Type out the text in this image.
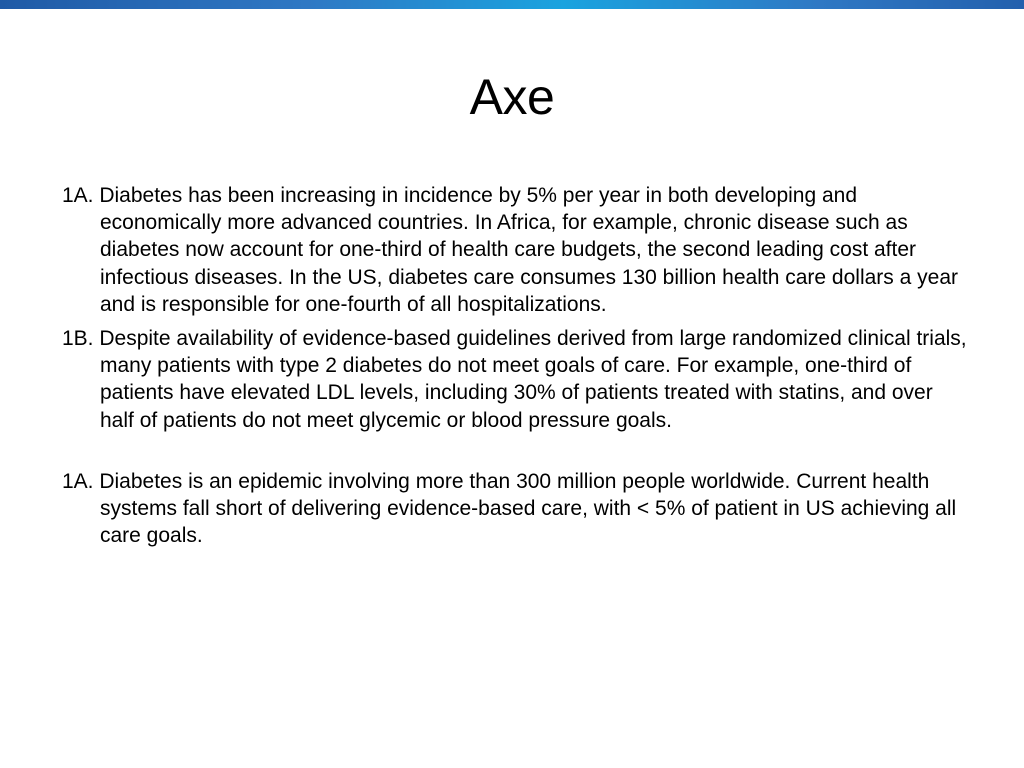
Axe

1A. Diabetes has been increasing in incidence by 5% per year in both developing and economically more advanced countries. In Africa, for example, chronic disease such as diabetes now account for one-third of health care budgets, the second leading cost after infectious diseases. In the US, diabetes care consumes 130 billion health care dollars a year and is responsible for one-fourth of all hospitalizations.

1B. Despite availability of evidence-based guidelines derived from large randomized clinical trials, many patients with type 2 diabetes do not meet goals of care. For example, one-third of patients have elevated LDL levels, including 30% of patients treated with statins, and over half of patients do not meet glycemic or blood pressure goals.

1A. Diabetes is an epidemic involving more than 300 million people worldwide. Current health systems fall short of delivering evidence-based care, with < 5% of patient in US achieving all care goals.
